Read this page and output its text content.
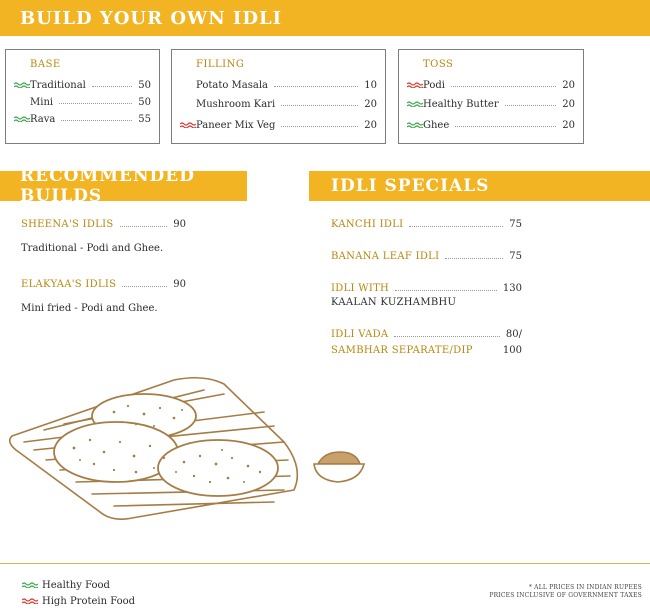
BUILD YOUR OWN IDLI
BASE
Traditional	50
Mini	50
Rava	55
FILLING
Potato Masala	10
Mushroom Kari	20
Paneer Mix Veg	20
TOSS
Podi	20
Healthy Butter	20
Ghee	20
RECOMMENDED BUILDS	IDLI SPECIALS
SHEENA'S IDLIS	90
Traditional - Podi and Ghee.
ELAKYAA'S IDLIS	90
Mini fried - Podi and Ghee.
KANCHI IDLI	75
BANANA LEAF IDLI	75
IDLI WITH	130
KAALAN KUZHAMBHU
IDLI VADA	80/
SAMBHAR SEPARATE/DIP	100
Healthy Food
High Protein Food
* ALL PRICES IN INDIAN RUPEES
PRICES INCLUSIVE OF GOVERNMENT TAXES
